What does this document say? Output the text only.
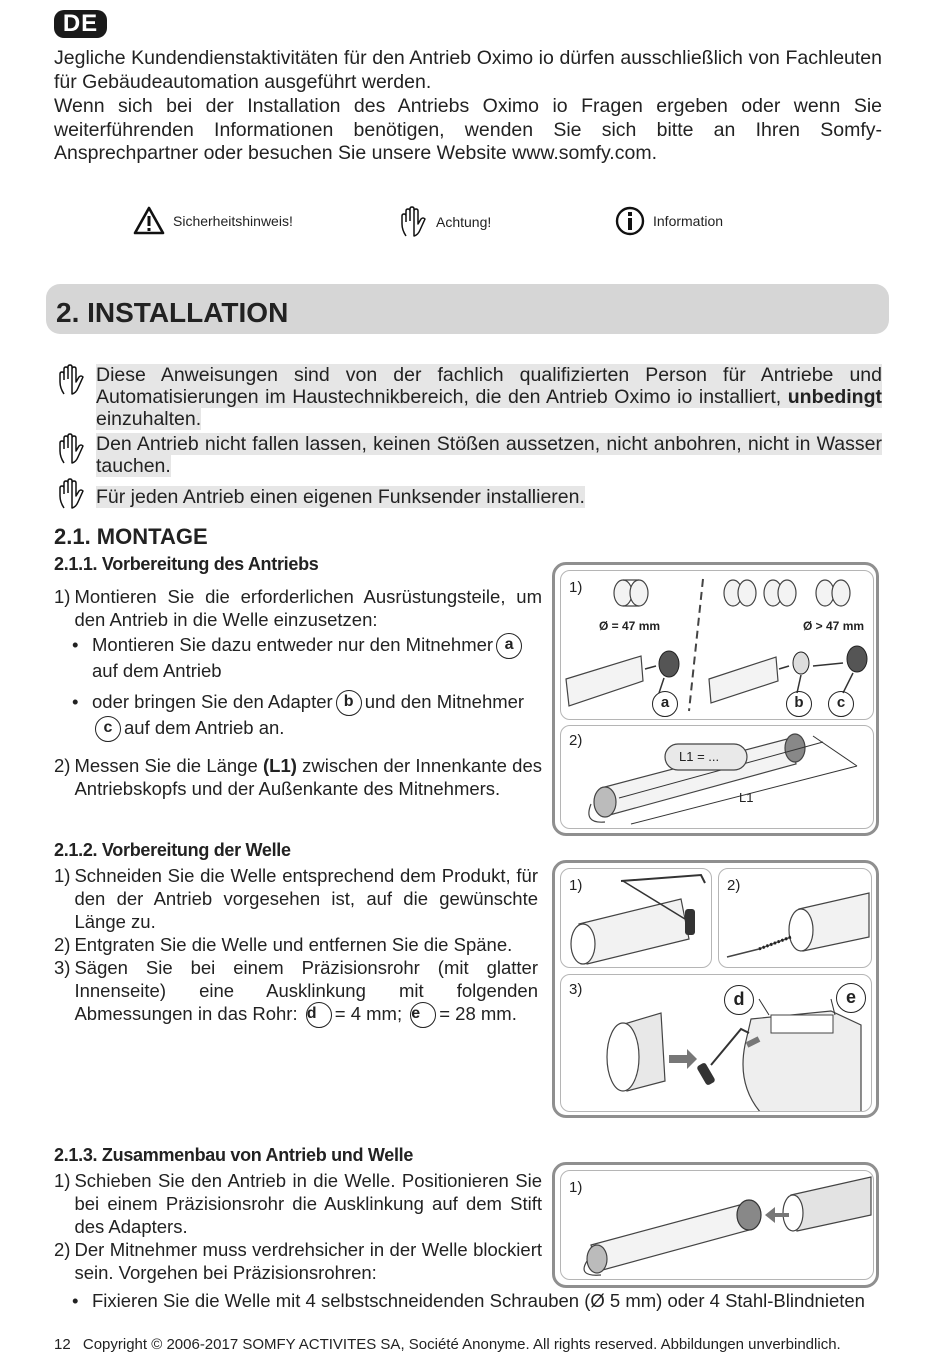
DE

Jegliche Kundendienstaktivitäten für den Antrieb Oximo io dürfen ausschließlich von Fachleuten für Gebäudeautomation ausgeführt werden.

Wenn sich bei der Installation des Antriebs Oximo io Fragen ergeben oder wenn Sie weiterführenden Informationen benötigen, wenden Sie sich bitte an Ihren Somfy-Ansprechpartner oder besuchen Sie unsere Website www.somfy.com.

Sicherheitshinweis!	Achtung!	Information
2. INSTALLATION

Diese Anweisungen sind von der fachlich qualifizierten Person für Antriebe und Automatisierungen im Haustechnikbereich, die den Antrieb Oximo io installiert, unbedingt einzuhalten.

Den Antrieb nicht fallen lassen, keinen Stößen aussetzen, nicht anbohren, nicht in Wasser tauchen.

Für jeden Antrieb einen eigenen Funksender installieren.

2.1. MONTAGE
2.1.1. Vorbereitung des Antriebs
1) Montieren Sie die erforderlichen Ausrüstungsteile, um den Antrieb in die Welle einzusetzen:
• Montieren Sie dazu entweder nur den Mitnehmer aauf dem Antrieb
• oder bringen Sie den Adapter b und den Mitnehmer
c auf dem Antrieb an.
2) Messen Sie die Länge (L1) zwischen der Innenkante des Antriebskopfs und der Außenkante des Mitnehmers.
1)
Ø = 47 mm	Ø > 47 mm
a	b	c
2)
L1 = ...
L1
2.1.2. Vorbereitung der Welle
1) Schneiden Sie die Welle entsprechend dem Produkt, für den der Antrieb vorgesehen ist, auf die gewünschte Länge zu.
2) Entgraten Sie die Welle und entfernen Sie die Späne.
3) Sägen Sie bei einem Präzisionsrohr (mit glatter Innenseite) eine Ausklinkung mit folgenden Abmessungen in das Rohr: d = 4 mm; e = 28 mm.
1)	2)
3)	d	e
2.1.3. Zusammenbau von Antrieb und Welle
1) Schieben Sie den Antrieb in die Welle. Positionieren Sie bei einem Präzisionsrohr die Ausklinkung auf dem Stift des Adapters.
2) Der Mitnehmer muss verdrehsicher in der Welle blockiert sein. Vorgehen bei Präzisionsrohren:
• Fixieren Sie die Welle mit 4 selbstschneidenden Schrauben (Ø 5 mm) oder 4 Stahl-Blindnieten
1)
12 Copyright © 2006-2017 SOMFY ACTIVITES SA, Société Anonyme. All rights reserved. Abbildungen unverbindlich.
